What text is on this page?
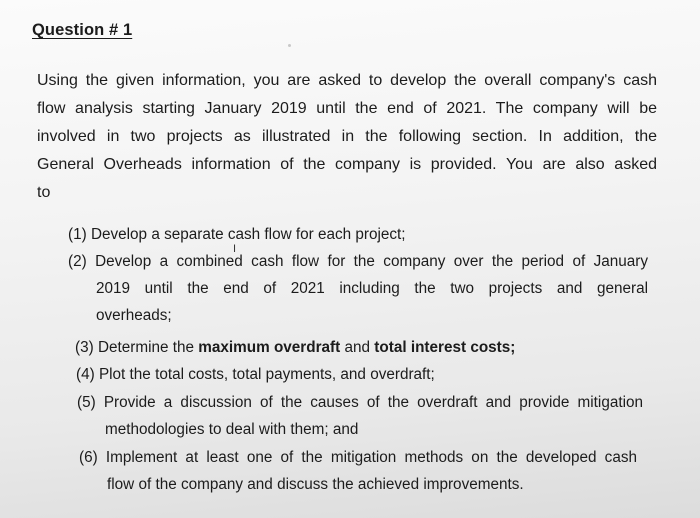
Question # 1
Using the given information, you are asked to develop the overall company's cash
flow analysis starting January 2019 until the end of 2021. The company will be
involved in two projects as illustrated in the following section. In addition, the
General Overheads information of the company is provided. You are also asked
to
(1) Develop a separate cash flow for each project;
I
(2) Develop a combined cash flow for the company over the period of January
2019 until the end of 2021 including the two projects and general
overheads;
(3) Determine the maximum overdraft and total interest costs;
(4) Plot the total costs, total payments, and overdraft;
(5) Provide a discussion of the causes of the overdraft and provide mitigation
methodologies to deal with them; and
(6) Implement at least one of the mitigation methods on the developed cash
flow of the company and discuss the achieved improvements.
